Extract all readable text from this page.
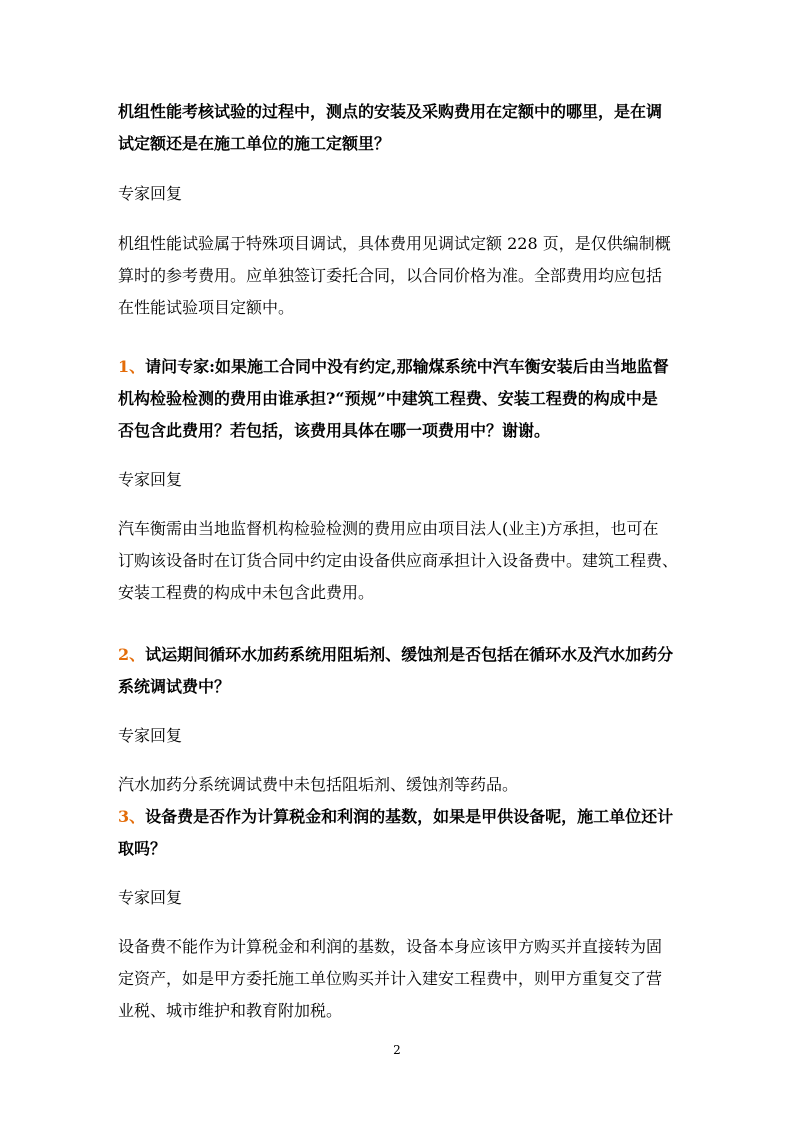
机组性能考核试验的过程中，测点的安装及采购费用在定额中的哪里，是在调
试定额还是在施工单位的施工定额里？
专家回复
机组性能试验属于特殊项目调试，具体费用见调试定额 228 页，是仅供编制概
算时的参考费用。应单独签订委托合同，以合同价格为准。全部费用均应包括
在性能试验项目定额中。
1、请问专家:如果施工合同中没有约定,那输煤系统中汽车衡安装后由当地监督
机构检验检测的费用由谁承担?“预规”中建筑工程费、安装工程费的构成中是
否包含此费用？若包括，该费用具体在哪一项费用中？谢谢。
专家回复
汽车衡需由当地监督机构检验检测的费用应由项目法人(业主)方承担，也可在
订购该设备时在订货合同中约定由设备供应商承担计入设备费中。建筑工程费、
安装工程费的构成中未包含此费用。
2、试运期间循环水加药系统用阻垢剂、缓蚀剂是否包括在循环水及汽水加药分
系统调试费中？
专家回复
汽水加药分系统调试费中未包括阻垢剂、缓蚀剂等药品。
3、设备费是否作为计算税金和利润的基数，如果是甲供设备呢，施工单位还计
取吗？
专家回复
设备费不能作为计算税金和利润的基数，设备本身应该甲方购买并直接转为固
定资产，如是甲方委托施工单位购买并计入建安工程费中，则甲方重复交了营
业税、城市维护和教育附加税。
2
